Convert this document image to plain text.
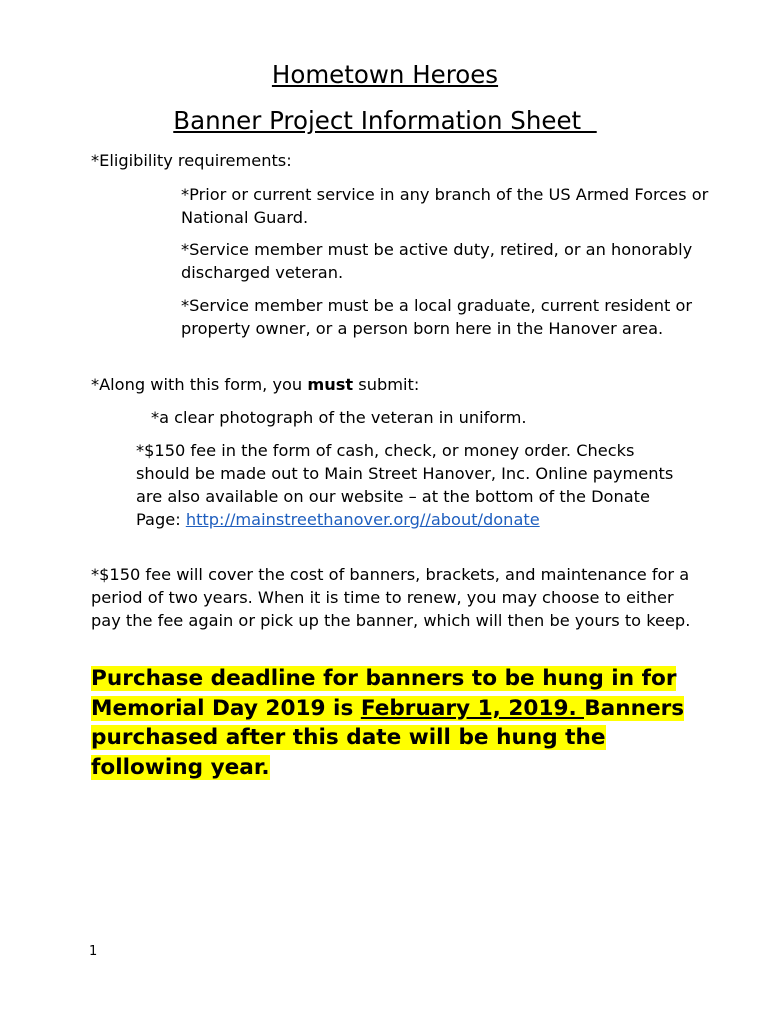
Hometown Heroes
Banner Project Information Sheet
*Eligibility requirements:
*Prior or current service in any branch of the US Armed Forces or National Guard.
*Service member must be active duty, retired, or an honorably discharged veteran.
*Service member must be a local graduate, current resident or property owner, or a person born here in the Hanover area.
*Along with this form, you must submit:
*a clear photograph of the veteran in uniform.
*$150 fee in the form of cash, check, or money order. Checks should be made out to Main Street Hanover, Inc. Online payments are also available on our website – at the bottom of the Donate Page: http://mainstreethanover.org//about/donate
*$150 fee will cover the cost of banners, brackets, and maintenance for a period of two years. When it is time to renew, you may choose to either pay the fee again or pick up the banner, which will then be yours to keep.
Purchase deadline for banners to be hung in for Memorial Day 2019 is February 1, 2019. Banners purchased after this date will be hung the following year.
1
